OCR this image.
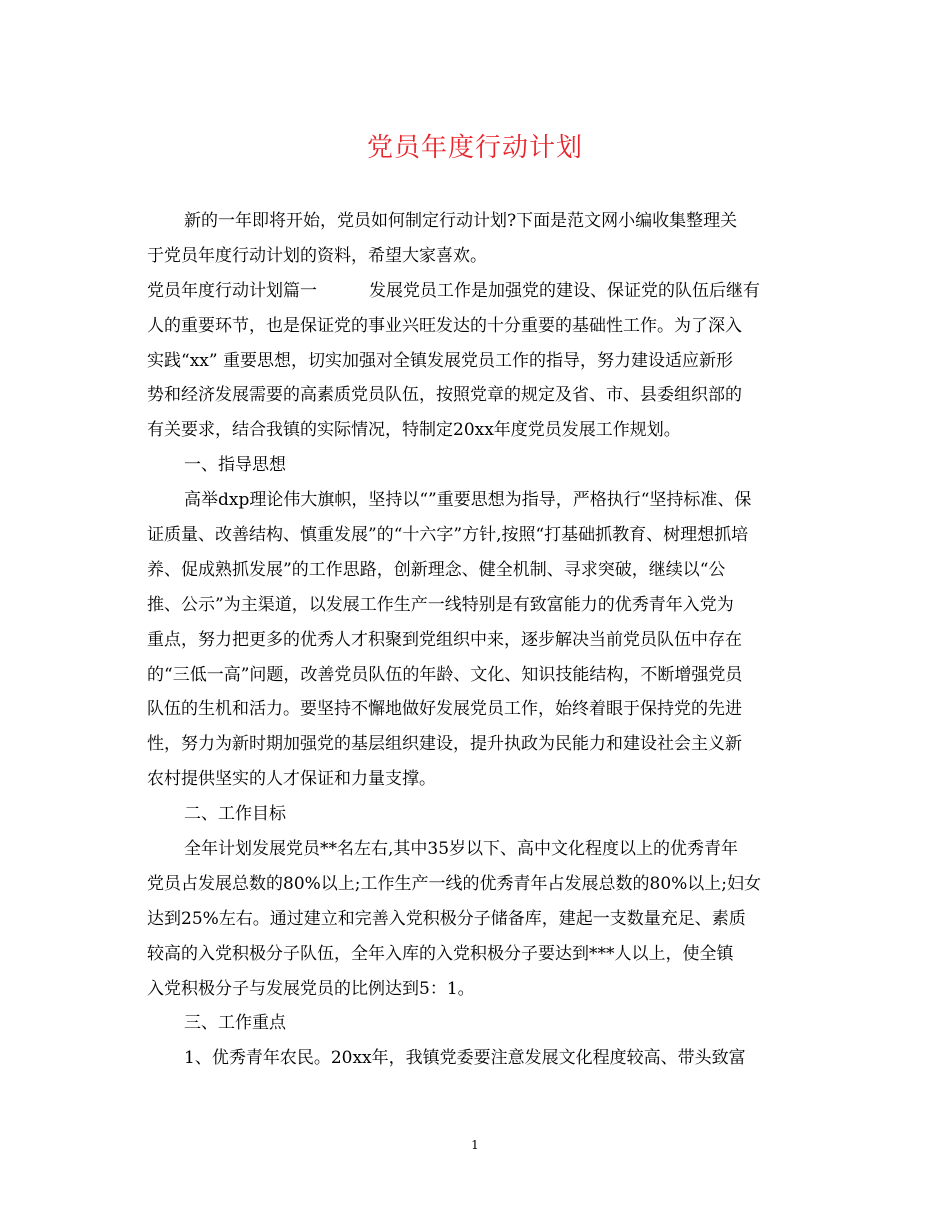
党员年度行动计划
新的一年即将开始，党员如何制定行动计划?下面是范文网小编收集整理关
于党员年度行动计划的资料，希望大家喜欢。
党员年度行动计划篇一	发展党员工作是加强党的建设、保证党的队伍后继有
人的重要环节，也是保证党的事业兴旺发达的十分重要的基础性工作。为了深入
实践“xx” 重要思想，切实加强对全镇发展党员工作的指导，努力建设适应新形
势和经济发展需要的高素质党员队伍，按照党章的规定及省、市、县委组织部的
有关要求，结合我镇的实际情况，特制定20xx年度党员发展工作规划。
一、指导思想
高举dxp理论伟大旗帜，坚持以“”重要思想为指导，严格执行“坚持标准、保
证质量、改善结构、慎重发展”的“十六字”方针,按照“打基础抓教育、树理想抓培
养、促成熟抓发展”的工作思路，创新理念、健全机制、寻求突破，继续以“公
推、公示”为主渠道，以发展工作生产一线特别是有致富能力的优秀青年入党为
重点，努力把更多的优秀人才积聚到党组织中来，逐步解决当前党员队伍中存在
的“三低一高”问题，改善党员队伍的年龄、文化、知识技能结构，不断增强党员
队伍的生机和活力。要坚持不懈地做好发展党员工作，始终着眼于保持党的先进
性，努力为新时期加强党的基层组织建设，提升执政为民能力和建设社会主义新
农村提供坚实的人才保证和力量支撑。
二、工作目标
全年计划发展党员**名左右,其中35岁以下、高中文化程度以上的优秀青年
党员占发展总数的80%以上;工作生产一线的优秀青年占发展总数的80%以上;妇女
达到25%左右。通过建立和完善入党积极分子储备库，建起一支数量充足、素质
较高的入党积极分子队伍，全年入库的入党积极分子要达到***人以上，使全镇
入党积极分子与发展党员的比例达到5：1。
三、工作重点
1、优秀青年农民。20xx年，我镇党委要注意发展文化程度较高、带头致富
1
